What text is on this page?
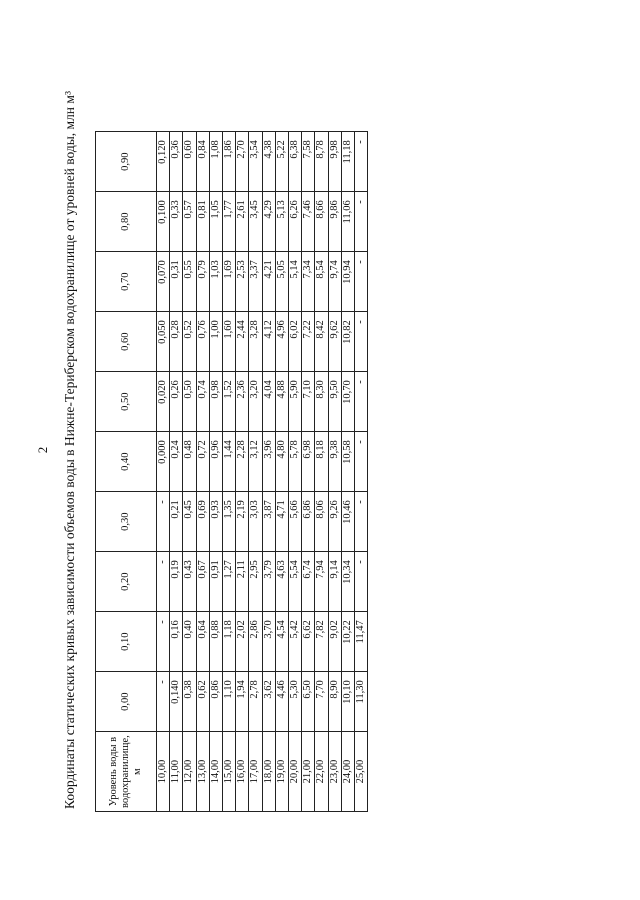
2 Координаты статических кривых зависимости объемов воды в Нижне-Териберском водохранилище от уровней воды, млн м³	Уровень воды в водохранилище, м	0,00	0,10	0,20	0,30	0,40	0,50	0,60	0,70	0,80	0,90
10,00	-	-	-	-	0,000	0,020	0,050	0,070	0,100	0,120
11,00	0,140	0,16	0,19	0,21	0,24	0,26	0,28	0,31	0,33	0,36
12,00	0,38	0,40	0,43	0,45	0,48	0,50	0,52	0,55	0,57	0,60
13,00	0,62	0,64	0,67	0,69	0,72	0,74	0,76	0,79	0,81	0,84
14,00	0,86	0,88	0,91	0,93	0,96	0,98	1,00	1,03	1,05	1,08
15,00	1,10	1,18	1,27	1,35	1,44	1,52	1,60	1,69	1,77	1,86
16,00	1,94	2,02	2,11	2,19	2,28	2,36	2,44	2,53	2,61	2,70
17,00	2,78	2,86	2,95	3,03	3,12	3,20	3,28	3,37	3,45	3,54
18,00	3,62	3,70	3,79	3,87	3,96	4,04	4,12	4,21	4,29	4,38
19,00	4,46	4,54	4,63	4,71	4,80	4,88	4,96	5,05	5,13	5,22
20,00	5,30	5,42	5,54	5,66	5,78	5,90	6,02	5,14	6,26	6,38
21,00	6,50	6,62	6,74	6,86	6,98	7,10	7,22	7,34	7,46	7,58
22,00	7,70	7,82	7,94	8,06	8,18	8,30	8,42	8,54	8,66	8,78
23,00	8,90	9,02	9,14	9,26	9,38	9,50	9,62	9,74	9,86	9,98
24,00	10,10	10,22	10,34	10,46	10,58	10,70	10,82	10,94	11,06	11,18
25,00	11,30	11,47	-	-	-	-	-	-	-	-
